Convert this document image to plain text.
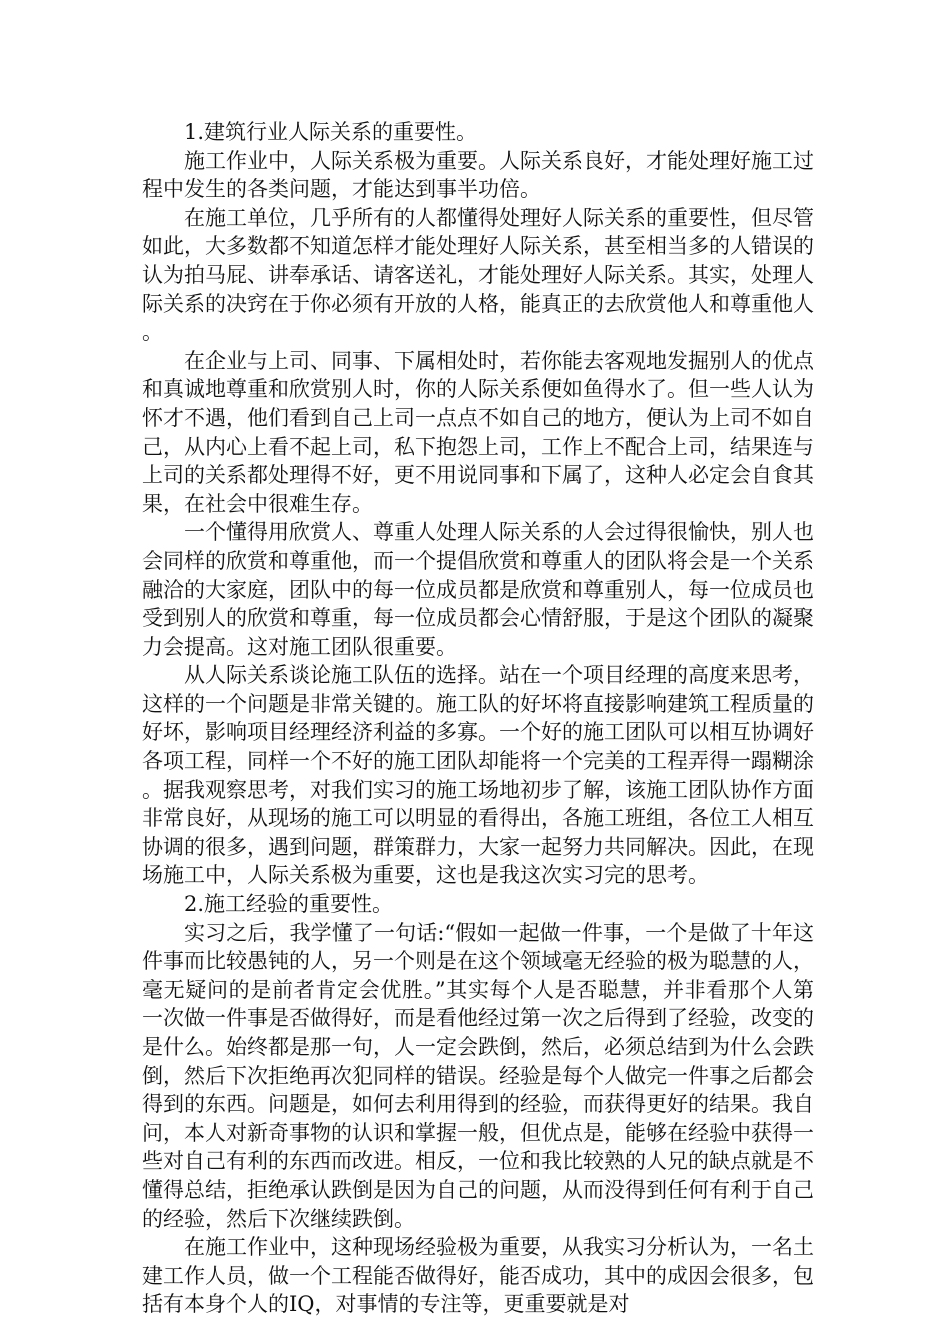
1.建筑行业人际关系的重要性。

施工作业中，人际关系极为重要。人际关系良好，才能处理好施工过程中发生的各类问题，才能达到事半功倍。

在施工单位，几乎所有的人都懂得处理好人际关系的重要性，但尽管如此，大多数都不知道怎样才能处理好人际关系，甚至相当多的人错误的认为拍马屁、讲奉承话、请客送礼，才能处理好人际关系。其实，处理人际关系的决窍在于你必须有开放的人格，能真正的去欣赏他人和尊重他人。

在企业与上司、同事、下属相处时，若你能去客观地发掘别人的优点和真诚地尊重和欣赏别人时，你的人际关系便如鱼得水了。但一些人认为怀才不遇，他们看到自己上司一点点不如自己的地方，便认为上司不如自己，从内心上看不起上司，私下抱怨上司，工作上不配合上司，结果连与上司的关系都处理得不好，更不用说同事和下属了，这种人必定会自食其果，在社会中很难生存。

一个懂得用欣赏人、尊重人处理人际关系的人会过得很愉快，别人也会同样的欣赏和尊重他，而一个提倡欣赏和尊重人的团队将会是一个关系融洽的大家庭，团队中的每一位成员都是欣赏和尊重别人，每一位成员也受到别人的欣赏和尊重，每一位成员都会心情舒服，于是这个团队的凝聚力会提高。这对施工团队很重要。

从人际关系谈论施工队伍的选择。站在一个项目经理的高度来思考，这样的一个问题是非常关键的。施工队的好坏将直接影响建筑工程质量的好坏，影响项目经理经济利益的多寡。一个好的施工团队可以相互协调好各项工程，同样一个不好的施工团队却能将一个完美的工程弄得一蹋糊涂。据我观察思考，对我们实习的施工场地初步了解，该施工团队协作方面非常良好，从现场的施工可以明显的看得出，各施工班组，各位工人相互协调的很多，遇到问题，群策群力，大家一起努力共同解决。因此，在现场施工中，人际关系极为重要，这也是我这次实习完的思考。

2.施工经验的重要性。

实习之后，我学懂了一句话:“假如一起做一件事，一个是做了十年这件事而比较愚钝的人，另一个则是在这个领域毫无经验的极为聪慧的人，毫无疑问的是前者肯定会优胜。”其实每个人是否聪慧，并非看那个人第一次做一件事是否做得好，而是看他经过第一次之后得到了经验，改变的是什么。始终都是那一句，人一定会跌倒，然后，必须总结到为什么会跌倒，然后下次拒绝再次犯同样的错误。经验是每个人做完一件事之后都会得到的东西。问题是，如何去利用得到的经验，而获得更好的结果。我自问，本人对新奇事物的认识和掌握一般，但优点是，能够在经验中获得一些对自己有利的东西而改进。相反，一位和我比较熟的人兄的缺点就是不懂得总结，拒绝承认跌倒是因为自己的问题，从而没得到任何有利于自己的经验，然后下次继续跌倒。

在施工作业中，这种现场经验极为重要，从我实习分析认为，一名土建工作人员，做一个工程能否做得好，能否成功，其中的成因会很多，包括有本身个人的IQ，对事情的专注等，更重要就是对
